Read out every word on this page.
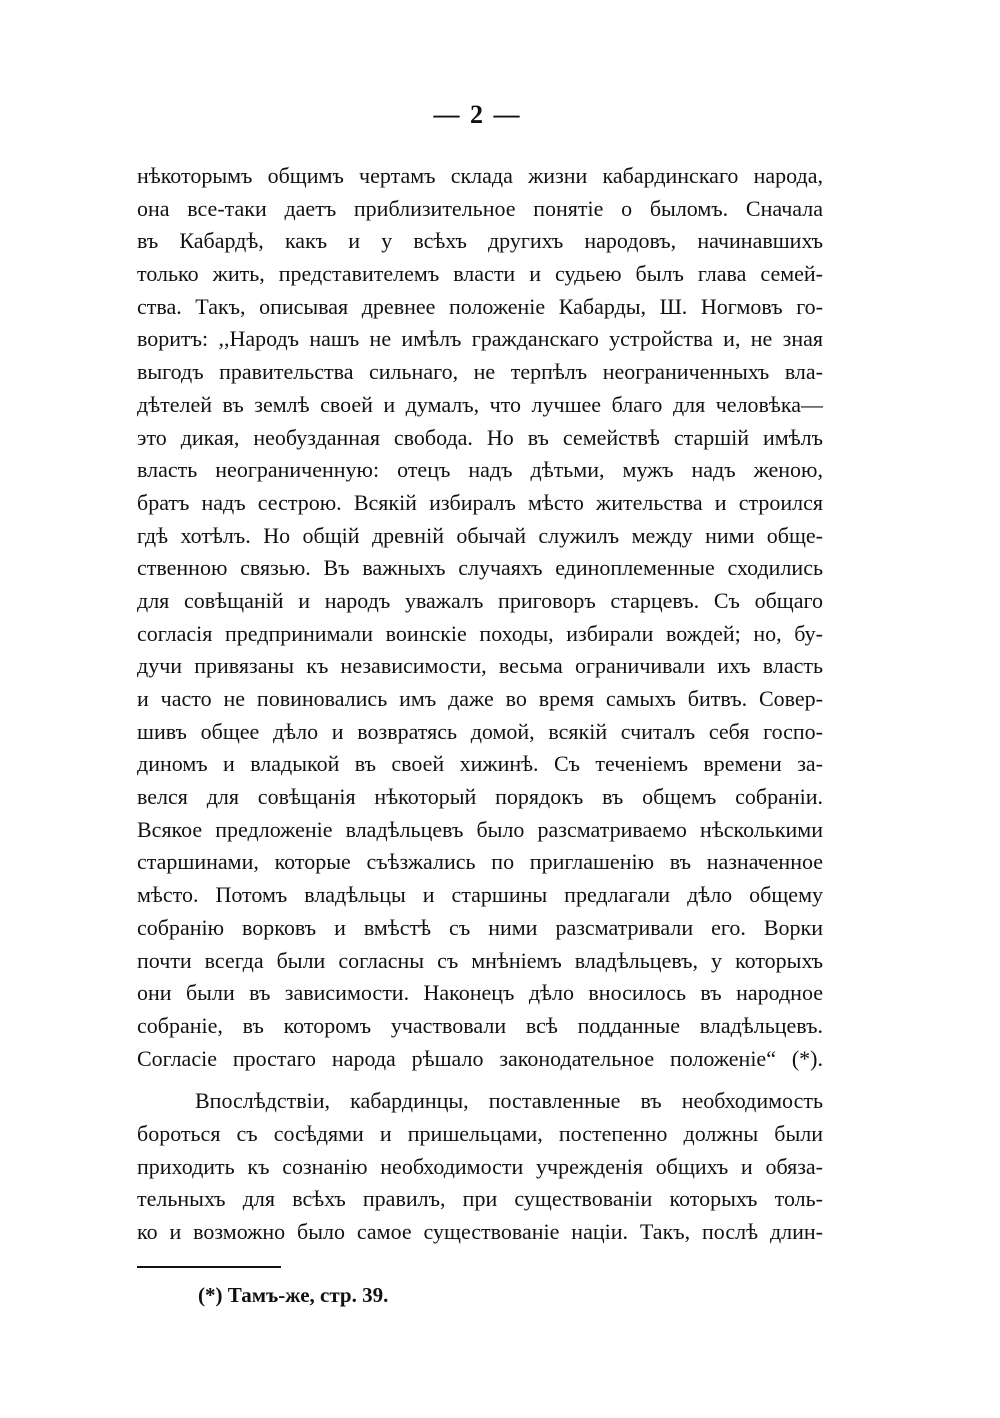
— 2 —
нѣкоторымъ общимъ чертамъ склада жизни кабардинскаго народа,
она все-таки даетъ приблизительное понятіе о быломъ. Сначала
въ Кабардѣ, какъ и у всѣхъ другихъ народовъ, начинавшихъ
только жить, представителемъ власти и судьею былъ глава семей-
ства. Такъ, описывая древнее положеніе Кабарды, Ш. Ногмовъ го-
воритъ: ,,Народъ нашъ не имѣлъ гражданскаго устройства и, не зная
выгодъ правительства сильнаго, не терпѣлъ неограниченныхъ вла-
дѣтелей въ землѣ своей и думалъ, что лучшее благо для человѣка—
это дикая, необузданная свобода. Но въ семействѣ старшій имѣлъ
власть неограниченную: отецъ надъ дѣтьми, мужъ надъ женою,
братъ надъ сестрою. Всякій избиралъ мѣсто жительства и строился
гдѣ хотѣлъ. Но общій древній обычай служилъ между ними обще-
ственною связью. Въ важныхъ случаяхъ единоплеменные сходились
для совѣщаній и народъ уважалъ приговоръ старцевъ. Съ общаго
согласія предпринимали воинскіе походы, избирали вождей; но, бу-
дучи привязаны къ независимости, весьма ограничивали ихъ власть
и часто не повиновались имъ даже во время самыхъ битвъ. Совер-
шивъ общее дѣло и возвратясь домой, всякій считалъ себя госпо-
диномъ и владыкой въ своей хижинѣ. Съ теченіемъ времени за-
велся для совѣщанія нѣкоторый порядокъ въ общемъ собраніи.
Всякое предложеніе владѣльцевъ было разсматриваемо нѣсколькими
старшинами, которые съѣзжались по приглашенію въ назначенное
мѣсто. Потомъ владѣльцы и старшины предлагали дѣло общему
собранію ворковъ и вмѣстѣ съ ними разсматривали его. Ворки
почти всегда были согласны съ мнѣніемъ владѣльцевъ, у которыхъ
они были въ зависимости. Наконецъ дѣло вносилось въ народное
собраніе, въ которомъ участвовали всѣ подданные владѣльцевъ.
Согласіе простаго народа рѣшало законодательное положеніе“ (*).
Впослѣдствіи, кабардинцы, поставленные въ необходимость
бороться съ сосѣдями и пришельцами, постепенно должны были
приходить къ сознанію необходимости учрежденія общихъ и обяза-
тельныхъ для всѣхъ правилъ, при существованіи которыхъ толь-
ко и возможно было самое существованіе націи. Такъ, послѣ длин-
(*) Тамъ-же, стр. 39.
